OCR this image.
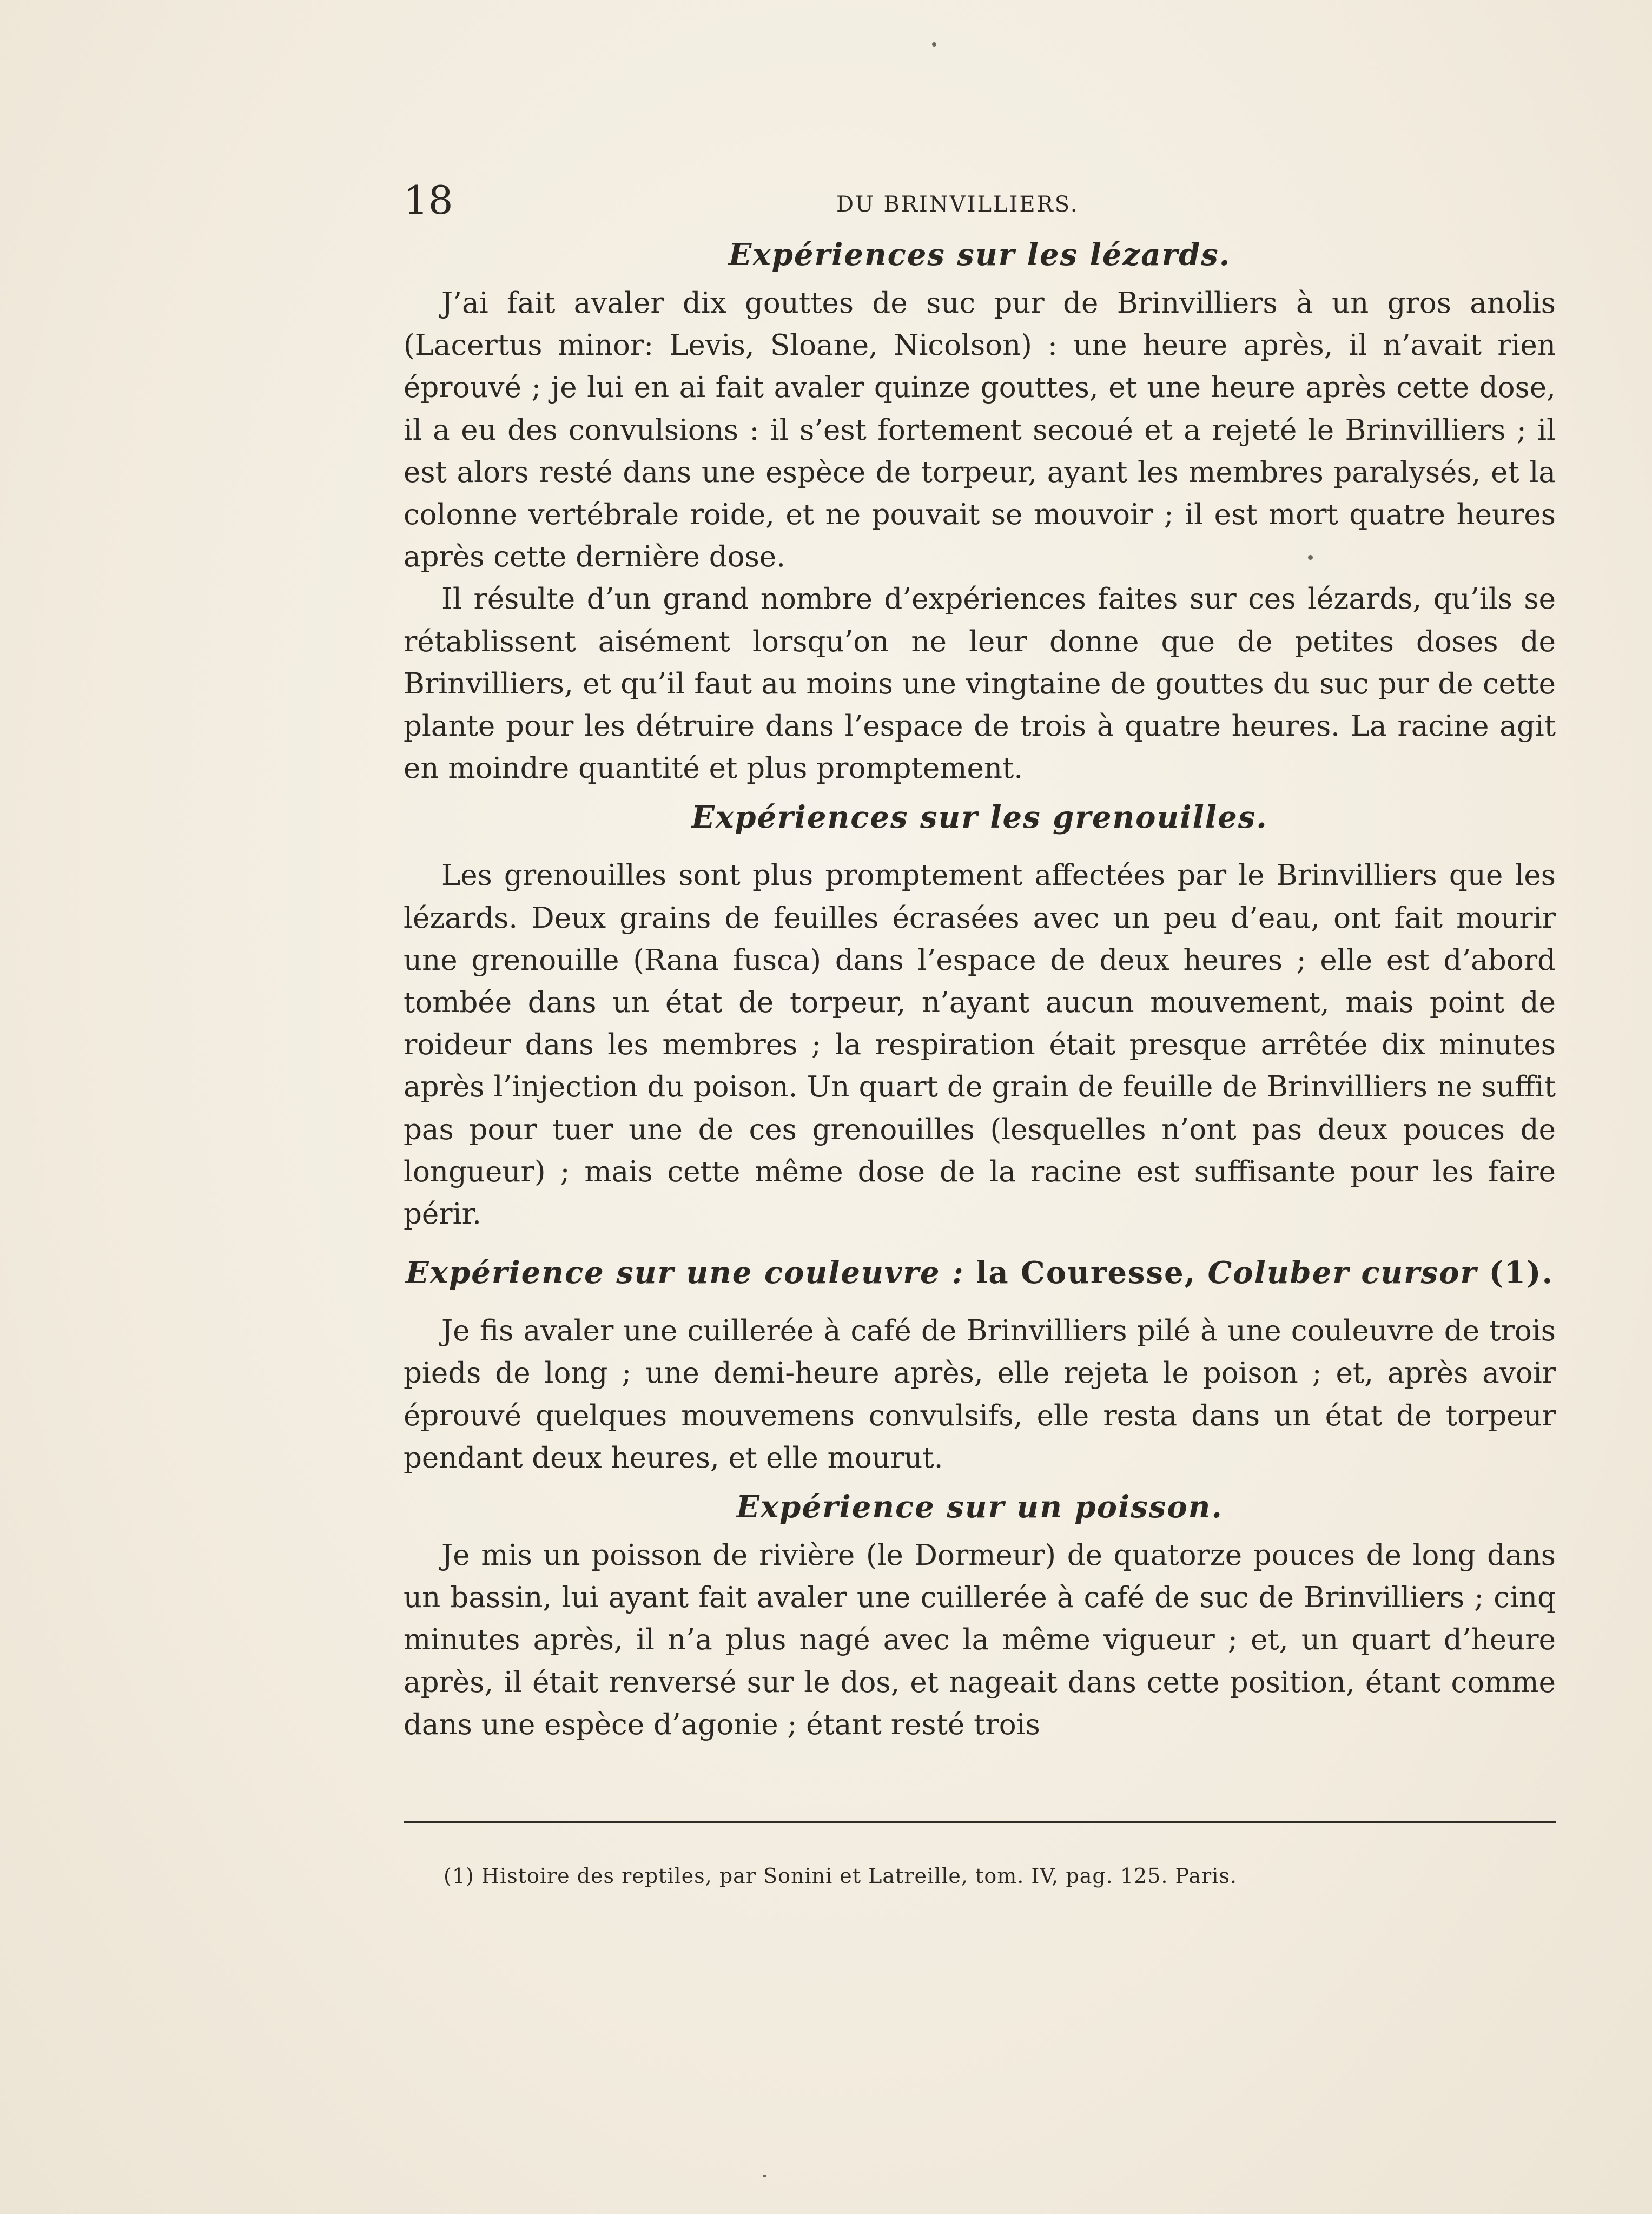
18	DU BRINVILLIERS.
Expériences sur les lézards.

J’ai fait avaler dix gouttes de suc pur de Brinvilliers à un gros anolis (Lacertus minor: Levis, Sloane, Nicolson) : une heure après, il n’avait rien éprouvé ; je lui en ai fait avaler quinze gouttes, et une heure après cette dose, il a eu des convulsions : il s’est fortement secoué et a rejeté le Brinvilliers ; il est alors resté dans une espèce de torpeur, ayant les membres paralysés, et la colonne vertébrale roide, et ne pouvait se mouvoir ; il est mort quatre heures après cette dernière dose.

Il résulte d’un grand nombre d’expériences faites sur ces lézards, qu’ils se rétablissent aisément lorsqu’on ne leur donne que de petites doses de Brinvilliers, et qu’il faut au moins une vingtaine de gouttes du suc pur de cette plante pour les détruire dans l’espace de trois à quatre heures. La racine agit en moindre quantité et plus promptement.

Expériences sur les grenouilles.

Les grenouilles sont plus promptement affectées par le Brinvilliers que les lézards. Deux grains de feuilles écrasées avec un peu d’eau, ont fait mourir une grenouille (Rana fusca) dans l’espace de deux heures ; elle est d’abord tombée dans un état de torpeur, n’ayant aucun mouvement, mais point de roideur dans les membres ; la respiration était presque arrêtée dix minutes après l’injection du poison. Un quart de grain de feuille de Brinvilliers ne suffit pas pour tuer une de ces grenouilles (lesquelles n’ont pas deux pouces de longueur) ; mais cette même dose de la racine est suffisante pour les faire périr.

Expérience sur une couleuvre : la Couresse, Coluber cursor (1).

Je fis avaler une cuillerée à café de Brinvilliers pilé à une couleuvre de trois pieds de long ; une demi-heure après, elle rejeta le poison ; et, après avoir éprouvé quelques mouvemens convulsifs, elle resta dans un état de torpeur pendant deux heures, et elle mourut.

Expérience sur un poisson.

Je mis un poisson de rivière (le Dormeur) de quatorze pouces de long dans un bassin, lui ayant fait avaler une cuillerée à café de suc de Brinvilliers ; cinq minutes après, il n’a plus nagé avec la même vigueur ; et, un quart d’heure après, il était renversé sur le dos, et nageait dans cette position, étant comme dans une espèce d’agonie ; étant resté trois

(1) Histoire des reptiles, par Sonini et Latreille, tom. IV, pag. 125. Paris.
